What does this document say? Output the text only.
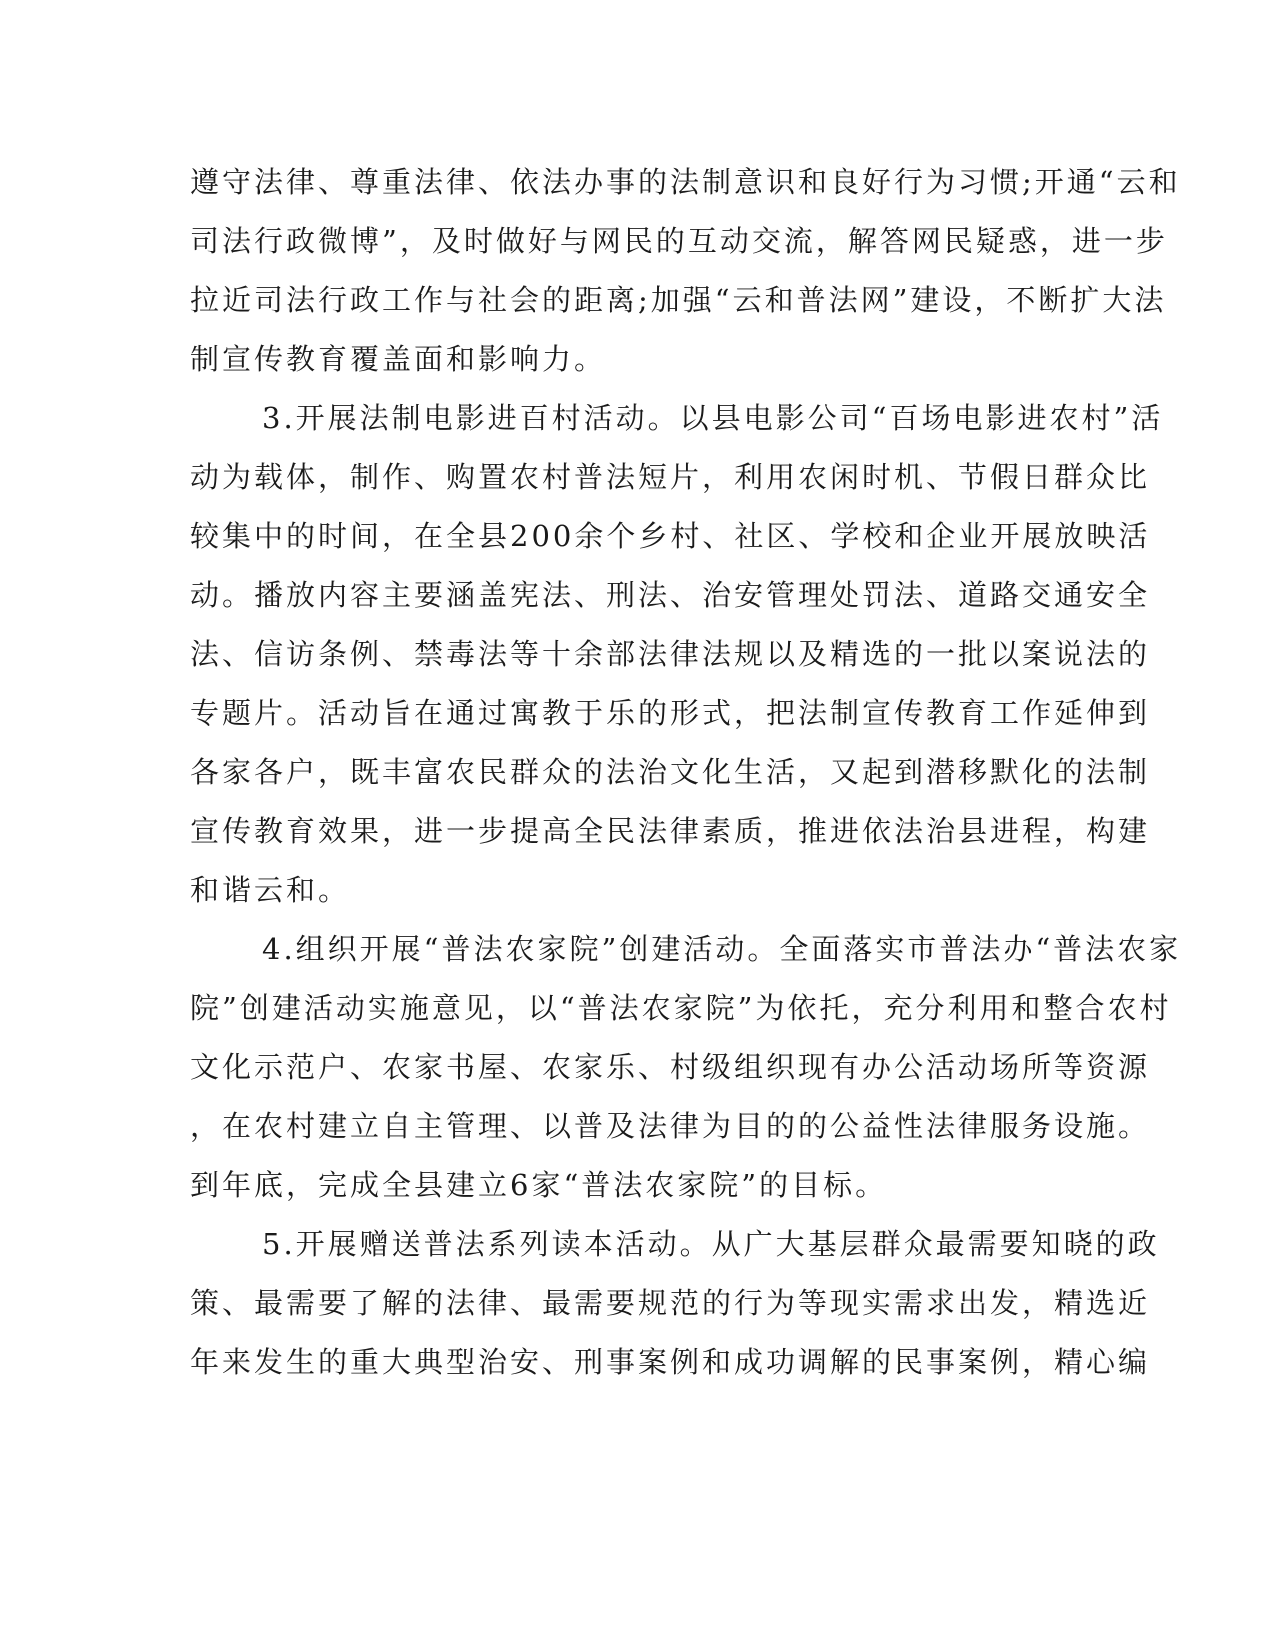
遵守法律、尊重法律、依法办事的法制意识和良好行为习惯;开通“云和
司法行政微博”，及时做好与网民的互动交流，解答网民疑惑，进一步
拉近司法行政工作与社会的距离;加强“云和普法网”建设，不断扩大法
制宣传教育覆盖面和影响力。
3.开展法制电影进百村活动。以县电影公司“百场电影进农村”活
动为载体，制作、购置农村普法短片，利用农闲时机、节假日群众比
较集中的时间，在全县200余个乡村、社区、学校和企业开展放映活
动。播放内容主要涵盖宪法、刑法、治安管理处罚法、道路交通安全
法、信访条例、禁毒法等十余部法律法规以及精选的一批以案说法的
专题片。活动旨在通过寓教于乐的形式，把法制宣传教育工作延伸到
各家各户，既丰富农民群众的法治文化生活，又起到潜移默化的法制
宣传教育效果，进一步提高全民法律素质，推进依法治县进程，构建
和谐云和。
4.组织开展“普法农家院”创建活动。全面落实市普法办“普法农家
院”创建活动实施意见，以“普法农家院”为依托，充分利用和整合农村
文化示范户、农家书屋、农家乐、村级组织现有办公活动场所等资源
，在农村建立自主管理、以普及法律为目的的公益性法律服务设施。
到年底，完成全县建立6家“普法农家院”的目标。
5.开展赠送普法系列读本活动。从广大基层群众最需要知晓的政
策、最需要了解的法律、最需要规范的行为等现实需求出发，精选近
年来发生的重大典型治安、刑事案例和成功调解的民事案例，精心编
